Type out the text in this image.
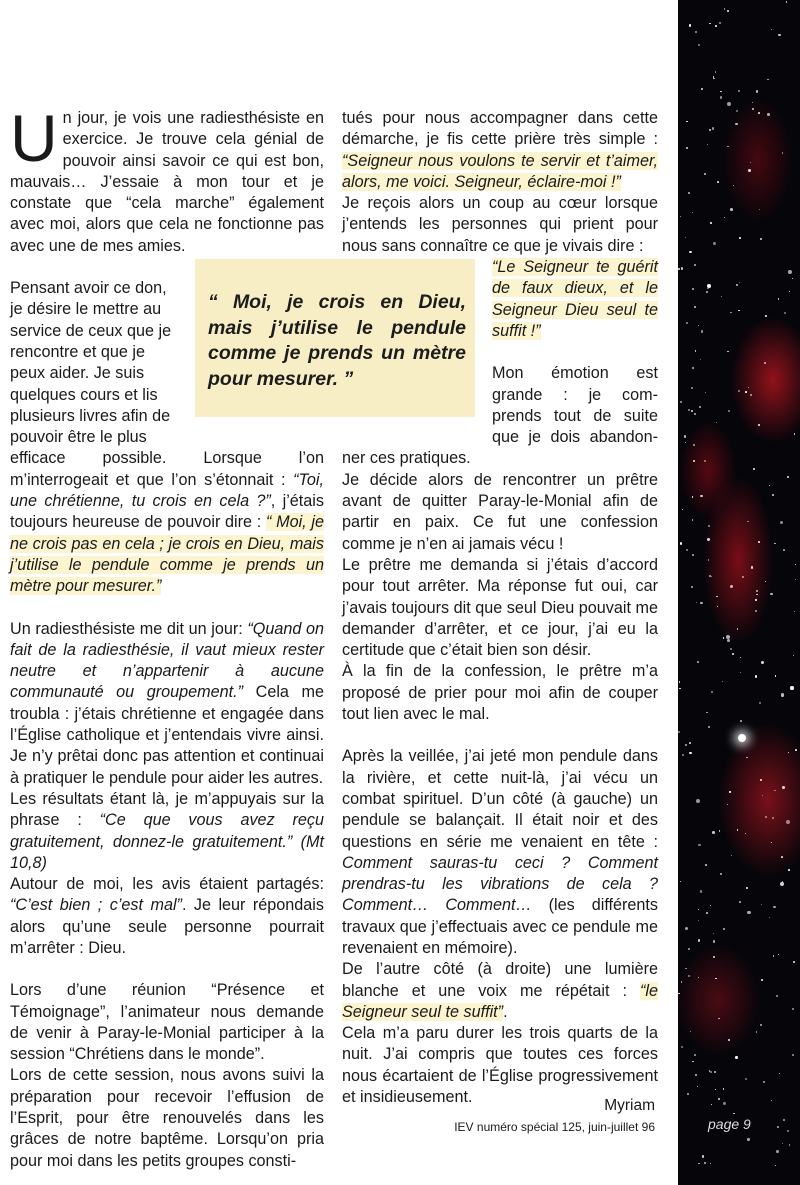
Un jour, je vois une radiesthésiste en exercice. Je trouve cela génial de pouvoir ainsi savoir ce qui est bon, mauvais… J’essaie à mon tour et je constate que “cela marche” également avec moi, alors que cela ne fonctionne pas avec une de mes amies.

Pensant avoir ce don,
je désire le mettre au
service de ceux que je
rencontre et que je
peux aider. Je suis
quelques cours et lis
plusieurs livres afin de
pouvoir être le plus

efficace possible. Lorsque l’on m’interrogeait et que l’on s’étonnait : “Toi, une chrétienne, tu crois en cela ?”, j’étais toujours heureuse de pouvoir dire : “ Moi, je ne crois pas en cela ; je crois en Dieu, mais j’utilise le pendule comme je prends un mètre pour mesurer.”

Un radiesthésiste me dit un jour: “Quand on fait de la radiesthésie, il vaut mieux rester neutre et n’appartenir à aucune communauté ou groupement.” Cela me troubla : j’étais chrétienne et engagée dans l’Église catholique et j’entendais vivre ainsi. Je n’y prêtai donc pas attention et continuai à pratiquer le pendule pour aider les autres.

Les résultats étant là, je m’appuyais sur la phrase : “Ce que vous avez reçu gratuitement, donnez-le gratuitement.” (Mt 10,8)

Autour de moi, les avis étaient partagés: “C’est bien ; c’est mal”. Je leur répondais alors qu’une seule personne pourrait m’arrêter : Dieu.

Lors d’une réunion “Présence et Témoignage”, l’animateur nous demande de venir à Paray-le-Monial participer à la session “Chrétiens dans le monde”.

Lors de cette session, nous avons suivi la préparation pour recevoir l’effusion de l’Esprit, pour être renouvelés dans les grâces de notre baptême. Lorsqu’on pria pour moi dans les petits groupes consti-

“ Moi, je crois en Dieu, mais j’utilise le pendule comme je prends un mètre pour mesurer. ”

tués pour nous accompagner dans cette démarche, je fis cette prière très simple : “Seigneur nous voulons te servir et t’aimer, alors, me voici. Seigneur, éclaire-moi !”

Je reçois alors un coup au cœur lorsque j’entends les personnes qui prient pour nous sans connaître ce que je vivais dire :

“Le Seigneur te guérit de faux dieux, et le Seigneur Dieu seul te suffit !”

Mon émotion est
grande : je com-
prends tout de suite
que je dois abandon-
ner ces pratiques.

Je décide alors de rencontrer un prêtre avant de quitter Paray-le-Monial afin de partir en paix. Ce fut une confession comme je n’en ai jamais vécu !

Le prêtre me demanda si j’étais d’accord pour tout arrêter. Ma réponse fut oui, car j’avais toujours dit que seul Dieu pouvait me demander d’arrêter, et ce jour, j’ai eu la certitude que c’était bien son désir.

À la fin de la confession, le prêtre m’a proposé de prier pour moi afin de couper tout lien avec le mal.

Après la veillée, j’ai jeté mon pendule dans la rivière, et cette nuit-là, j’ai vécu un combat spirituel. D’un côté (à gauche) un pendule se balançait. Il était noir et des questions en série me venaient en tête : Comment sauras-tu ceci ? Comment prendras-tu les vibrations de cela ? Comment… Comment… (les différents travaux que j’effectuais avec ce pendule me revenaient en mémoire).

De l’autre côté (à droite) une lumière blanche et une voix me répétait : “le Seigneur seul te suffit”.

Cela m’a paru durer les trois quarts de la nuit. J’ai compris que toutes ces forces nous écartaient de l’Église progressivement et insidieusement.	Myriam
IEV numéro spécial 125, juin-juillet 96	page 9
